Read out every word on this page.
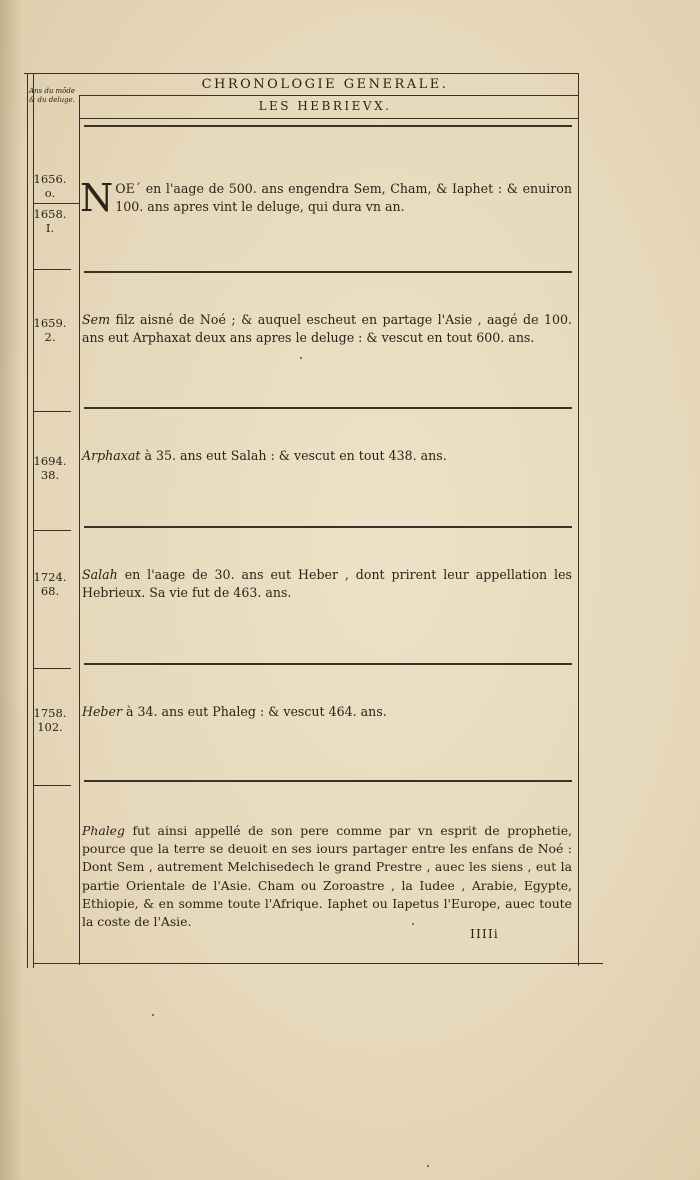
CHRONOLOGIE GENERALE.
LES HEBRIEVX.
Ans du mõde & du deluge.
1656.
o.
1658.
I.
NOE´ en l'aage de 500. ans engendra Sem, Cham, & Iaphet : & enuiron 100. ans apres vint le deluge, qui dura vn an.
1659.
2.
Sem filz aisné de Noé ; & auquel escheut en partage l'Asie , aagé de 100. ans eut Arphaxat deux ans apres le deluge : & vescut en tout 600. ans.
1694.
38.
Arphaxat à 35. ans eut Salah : & vescut en tout 438. ans.
1724.
68.
Salah en l'aage de 30. ans eut Heber , dont prirent leur appellation les Hebrieux. Sa vie fut de 463. ans.
1758.
102.
Heber à 34. ans eut Phaleg : & vescut 464. ans.
Phaleg fut ainsi appellé de son pere comme par vn esprit de prophetie, pource que la terre se deuoit en ses iours partager entre les enfans de Noé : Dont Sem , autrement Melchisedech le grand Prestre , auec les siens , eut la partie Orientale de l'Asie. Cham ou Zoroastre , la Iudee , Arabie, Egypte, Ethiopie, & en somme toute l'Afrique. Iaphet ou Iapetus l'Europe, auec toute la coste de l'Asie.
IIIIi
